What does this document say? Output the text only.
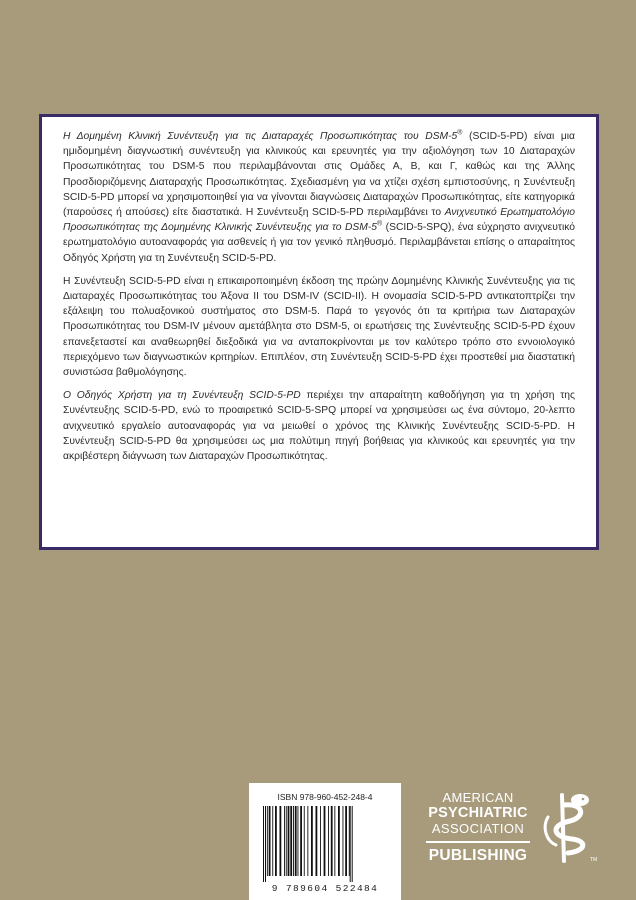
Η Δομημένη Κλινική Συνέντευξη για τις Διαταραχές Προσωπικότητας του DSM-5® (SCID-5-PD) είναι μια ημιδομημένη διαγνωστική συνέντευξη για κλινικούς και ερευνητές για την αξιολόγηση των 10 Διαταραχών Προσωπικότητας του DSM-5 που περιλαμβάνονται στις Ομάδες Α, Β, και Γ, καθώς και της Άλλης Προσδιοριζόμενης Διαταραχής Προσωπικότητας. Σχεδιασμένη για να χτίζει σχέση εμπιστοσύνης, η Συνέντευξη SCID-5-PD μπορεί να χρησιμοποιηθεί για να γίνονται διαγνώσεις Διαταραχών Προσωπικότητας, είτε κατηγορικά (παρούσες ή απούσες) είτε διαστατικά. Η Συνέντευξη SCID-5-PD περιλαμβάνει το Ανιχνευτικό Ερωτηματολόγιο Προσωπικότητας της Δομημένης Κλινικής Συνέντευξης για το DSM-5® (SCID-5-SPQ), ένα εύχρηστο ανιχνευτικό ερωτηματολόγιο αυτοαναφοράς για ασθενείς ή για τον γενικό πληθυσμό. Περιλαμβάνεται επίσης ο απαραίτητος Οδηγός Χρήστη για τη Συνέντευξη SCID-5-PD.

Η Συνέντευξη SCID-5-PD είναι η επικαιροποιημένη έκδοση της πρώην Δομημένης Κλινικής Συνέντευξης για τις Διαταραχές Προσωπικότητας του Άξονα ΙΙ του DSM-IV (SCID-II). Η ονομασία SCID-5-PD αντικατοπτρίζει την εξάλειψη του πολυαξονικού συστήματος στο DSM-5. Παρά το γεγονός ότι τα κριτήρια των Διαταραχών Προσωπικότητας του DSM-IV μένουν αμετάβλητα στο DSM-5, οι ερωτήσεις της Συνέντευξης SCID-5-PD έχουν επανεξεταστεί και αναθεωρηθεί διεξοδικά για να ανταποκρίνονται με τον καλύτερο τρόπο στο εννοιολογικό περιεχόμενο των διαγνωστικών κριτηρίων. Επιπλέον, στη Συνέντευξη SCID-5-PD έχει προστεθεί μια διαστατική συνιστώσα βαθμολόγησης.

Ο Οδηγός Χρήστη για τη Συνέντευξη SCID-5-PD περιέχει την απαραίτητη καθοδήγηση για τη χρήση της Συνέντευξης SCID-5-PD, ενώ το προαιρετικό SCID-5-SPQ μπορεί να χρησιμεύσει ως ένα σύντομο, 20-λεπτο ανιχνευτικό εργαλείο αυτοαναφοράς για να μειωθεί ο χρόνος της Κλινικής Συνέντευξης SCID-5-PD. Η Συνέντευξη SCID-5-PD θα χρησιμεύσει ως μια πολύτιμη πηγή βοήθειας για κλινικούς και ερευνητές για την ακριβέστερη διάγνωση των Διαταραχών Προσωπικότητας.

ISBN 978-960-452-248-4
9 789604 522484
AMERICAN
PSYCHIATRIC
ASSOCIATION
PUBLISHING	TM
